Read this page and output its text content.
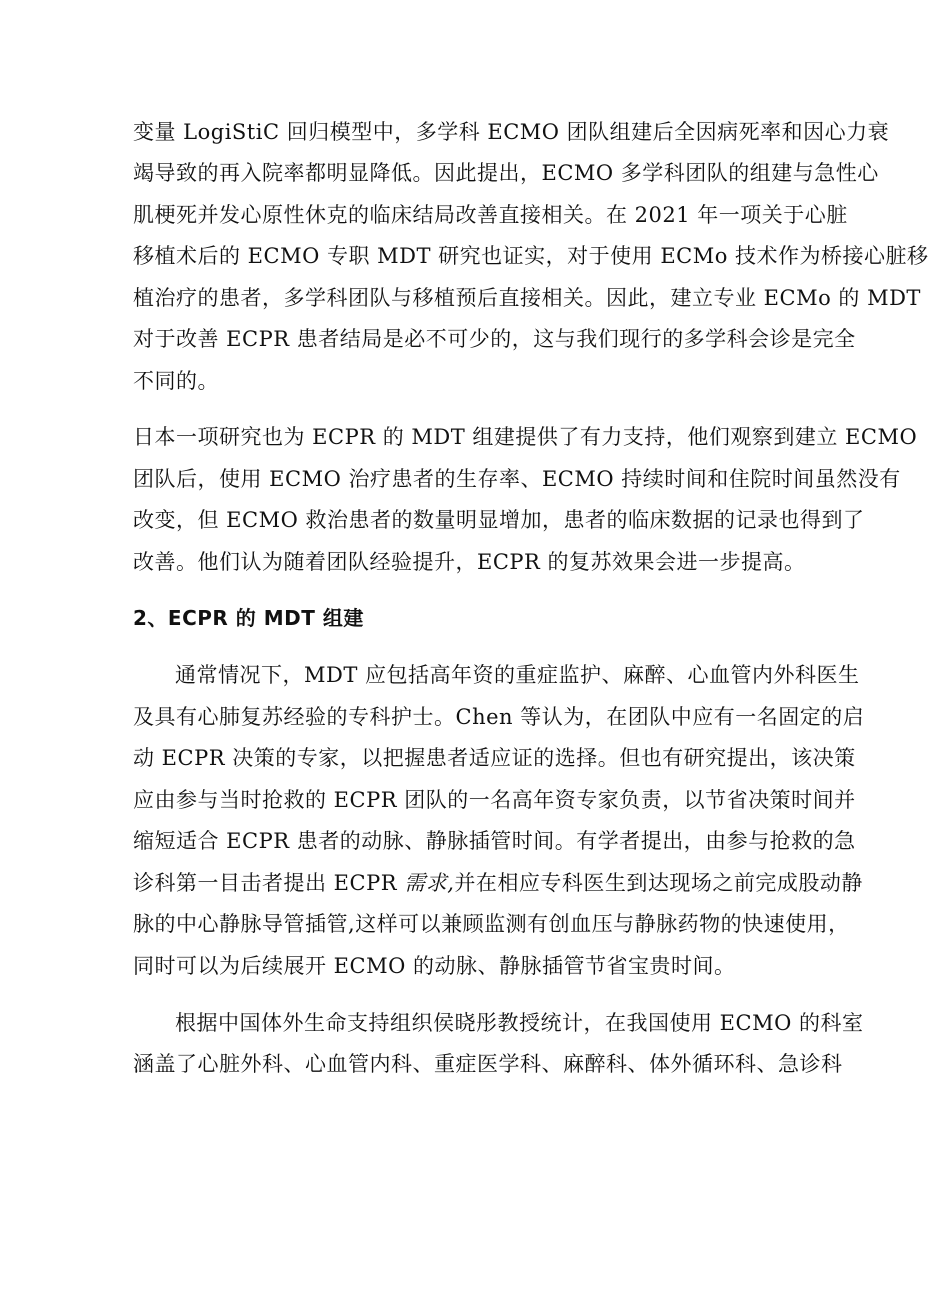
变量 LogiStiC 回归模型中，多学科 ECMO 团队组建后全因病死率和因心力衰
竭导致的再入院率都明显降低。因此提出，ECMO 多学科团队的组建与急性心
肌梗死并发心原性休克的临床结局改善直接相关。在 2021 年一项关于心脏
移植术后的 ECMO 专职 MDT 研究也证实，对于使用 ECMo 技术作为桥接心脏移
植治疗的患者，多学科团队与移植预后直接相关。因此，建立专业 ECMo 的 MDT
对于改善 ECPR 患者结局是必不可少的，这与我们现行的多学科会诊是完全
不同的。
日本一项研究也为 ECPR 的 MDT 组建提供了有力支持，他们观察到建立 ECMO
团队后，使用 ECMO 治疗患者的生存率、ECMO 持续时间和住院时间虽然没有
改变，但 ECMO 救治患者的数量明显增加，患者的临床数据的记录也得到了
改善。他们认为随着团队经验提升，ECPR 的复苏效果会进一步提高。
2、ECPR 的 MDT 组建
通常情况下，MDT 应包括高年资的重症监护、麻醉、心血管内外科医生
及具有心肺复苏经验的专科护士。Chen 等认为，在团队中应有一名固定的启
动 ECPR 决策的专家，以把握患者适应证的选择。但也有研究提出，该决策
应由参与当时抢救的 ECPR 团队的一名高年资专家负责，以节省决策时间并
缩短适合 ECPR 患者的动脉、静脉插管时间。有学者提出，由参与抢救的急
诊科第一目击者提出 ECPR 需求,并在相应专科医生到达现场之前完成股动静
脉的中心静脉导管插管,这样可以兼顾监测有创血压与静脉药物的快速使用，
同时可以为后续展开 ECMO 的动脉、静脉插管节省宝贵时间。
根据中国体外生命支持组织侯晓彤教授统计，在我国使用 ECMO 的科室
涵盖了心脏外科、心血管内科、重症医学科、麻醉科、体外循环科、急诊科
